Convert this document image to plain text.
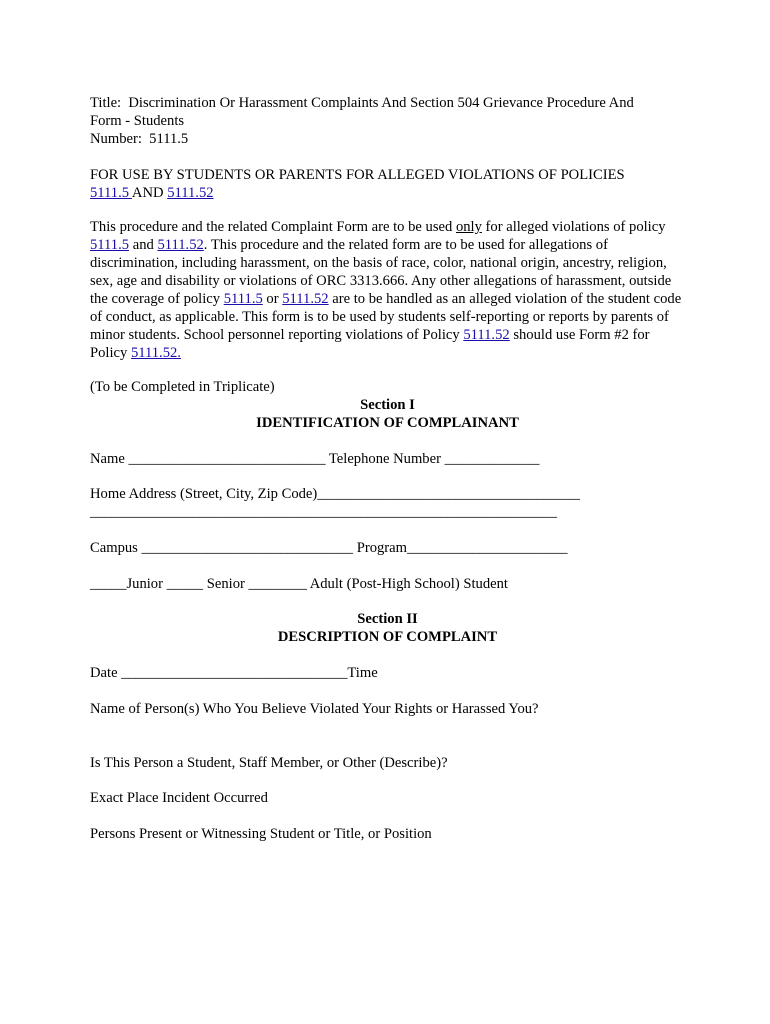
Title:  Discrimination Or Harassment Complaints And Section 504 Grievance Procedure And

Form - Students

Number:  5111.5

FOR USE BY STUDENTS OR PARENTS FOR ALLEGED VIOLATIONS OF POLICIES

5111.5 AND 5111.52

This procedure and the related Complaint Form are to be used only for alleged violations of policy 5111.5 and 5111.52. This procedure and the related form are to be used for allegations of discrimination, including harassment, on the basis of race, color, national origin, ancestry, religion, sex, age and disability or violations of ORC 3313.666. Any other allegations of harassment, outside the coverage of policy 5111.5 or 5111.52 are to be handled as an alleged violation of the student code of conduct, as applicable. This form is to be used by students self-reporting or reports by parents of minor students. School personnel reporting violations of Policy 5111.52 should use Form #2 for Policy 5111.52.

(To be Completed in Triplicate)

Section I

IDENTIFICATION OF COMPLAINANT

Name ___________________________ Telephone Number _____________

Home Address (Street, City, Zip Code)____________________________________

________________________________________________________________

Campus _____________________________ Program______________________

_____Junior _____ Senior ________ Adult (Post-High School) Student

Section II

DESCRIPTION OF COMPLAINT

Date _______________________________Time

Name of Person(s) Who You Believe Violated Your Rights or Harassed You?

Is This Person a Student, Staff Member, or Other (Describe)?

Exact Place Incident Occurred

Persons Present or Witnessing Student or Title, or Position
